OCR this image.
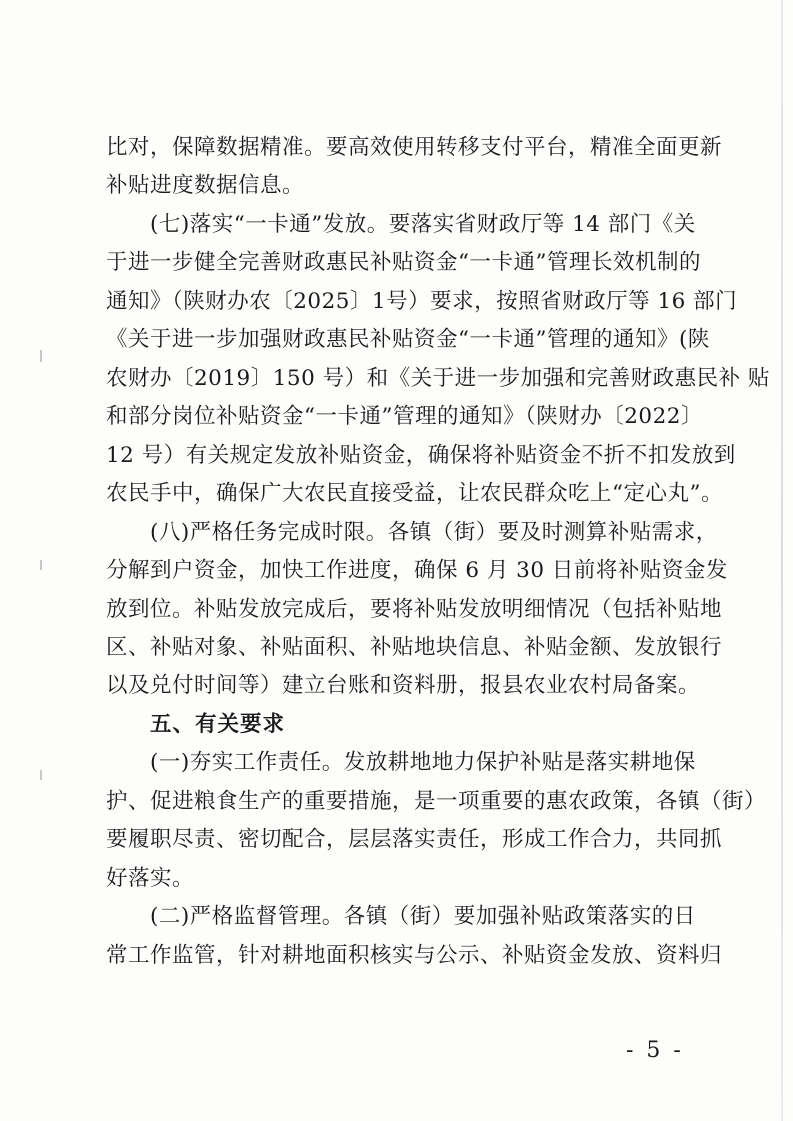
比对，保障数据精准。要高效使用转移支付平台，精准全面更新
补贴进度数据信息。
(七)落实“一卡通”发放。要落实省财政厅等 14 部门《关
于进一步健全完善财政惠民补贴资金“一卡通”管理长效机制的
通知》（陕财办农〔2025〕1号）要求，按照省财政厅等 16 部门
《关于进一步加强财政惠民补贴资金“一卡通”管理的通知》(陕
农财办〔2019〕150 号）和《关于进一步加强和完善财政惠民补 贴
和部分岗位补贴资金“一卡通”管理的通知》（陕财办〔2022〕
12 号）有关规定发放补贴资金，确保将补贴资金不折不扣发放到
农民手中，确保广大农民直接受益，让农民群众吃上“定心丸”。
(八)严格任务完成时限。各镇（街）要及时测算补贴需求，
分解到户资金，加快工作进度，确保 6 月 30 日前将补贴资金发
放到位。补贴发放完成后，要将补贴发放明细情况（包括补贴地
区、补贴对象、补贴面积、补贴地块信息、补贴金额、发放银行
以及兑付时间等）建立台账和资料册，报县农业农村局备案。
五、有关要求
(一)夯实工作责任。发放耕地地力保护补贴是落实耕地保
护、促进粮食生产的重要措施，是一项重要的惠农政策，各镇（街）
要履职尽责、密切配合，层层落实责任，形成工作合力，共同抓
好落实。
(二)严格监督管理。各镇（街）要加强补贴政策落实的日
常工作监管，针对耕地面积核实与公示、补贴资金发放、资料归
- 5 -
